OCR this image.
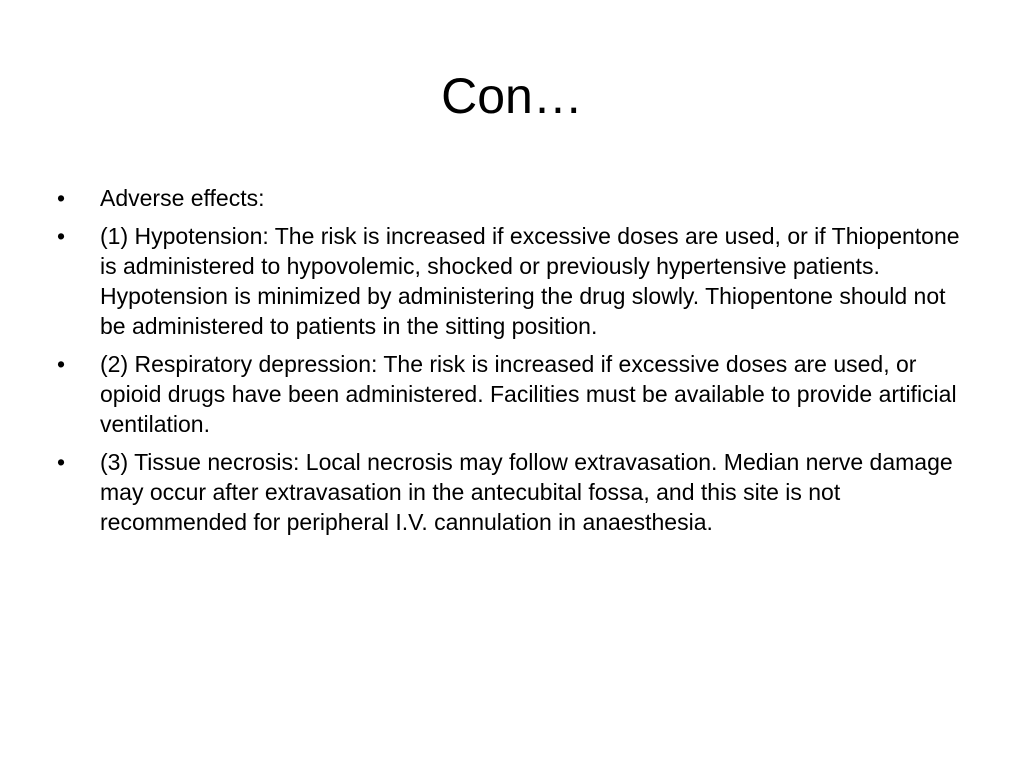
Con…
•	Adverse effects:
•	(1) Hypotension: The risk is increased if excessive doses are used, or if Thiopentone is administered to hypovolemic, shocked or previously hypertensive patients. Hypotension is minimized by administering the drug slowly. Thiopentone should not be administered to patients in the sitting position.
•	(2) Respiratory depression: The risk is increased if excessive doses are used, or opioid drugs have been administered. Facilities must be available to provide artificial ventilation.
•	(3) Tissue necrosis: Local necrosis may follow extravasation. Median nerve damage may occur after extravasation in the antecubital fossa, and this site is not recommended for peripheral I.V. cannulation in anaesthesia.
